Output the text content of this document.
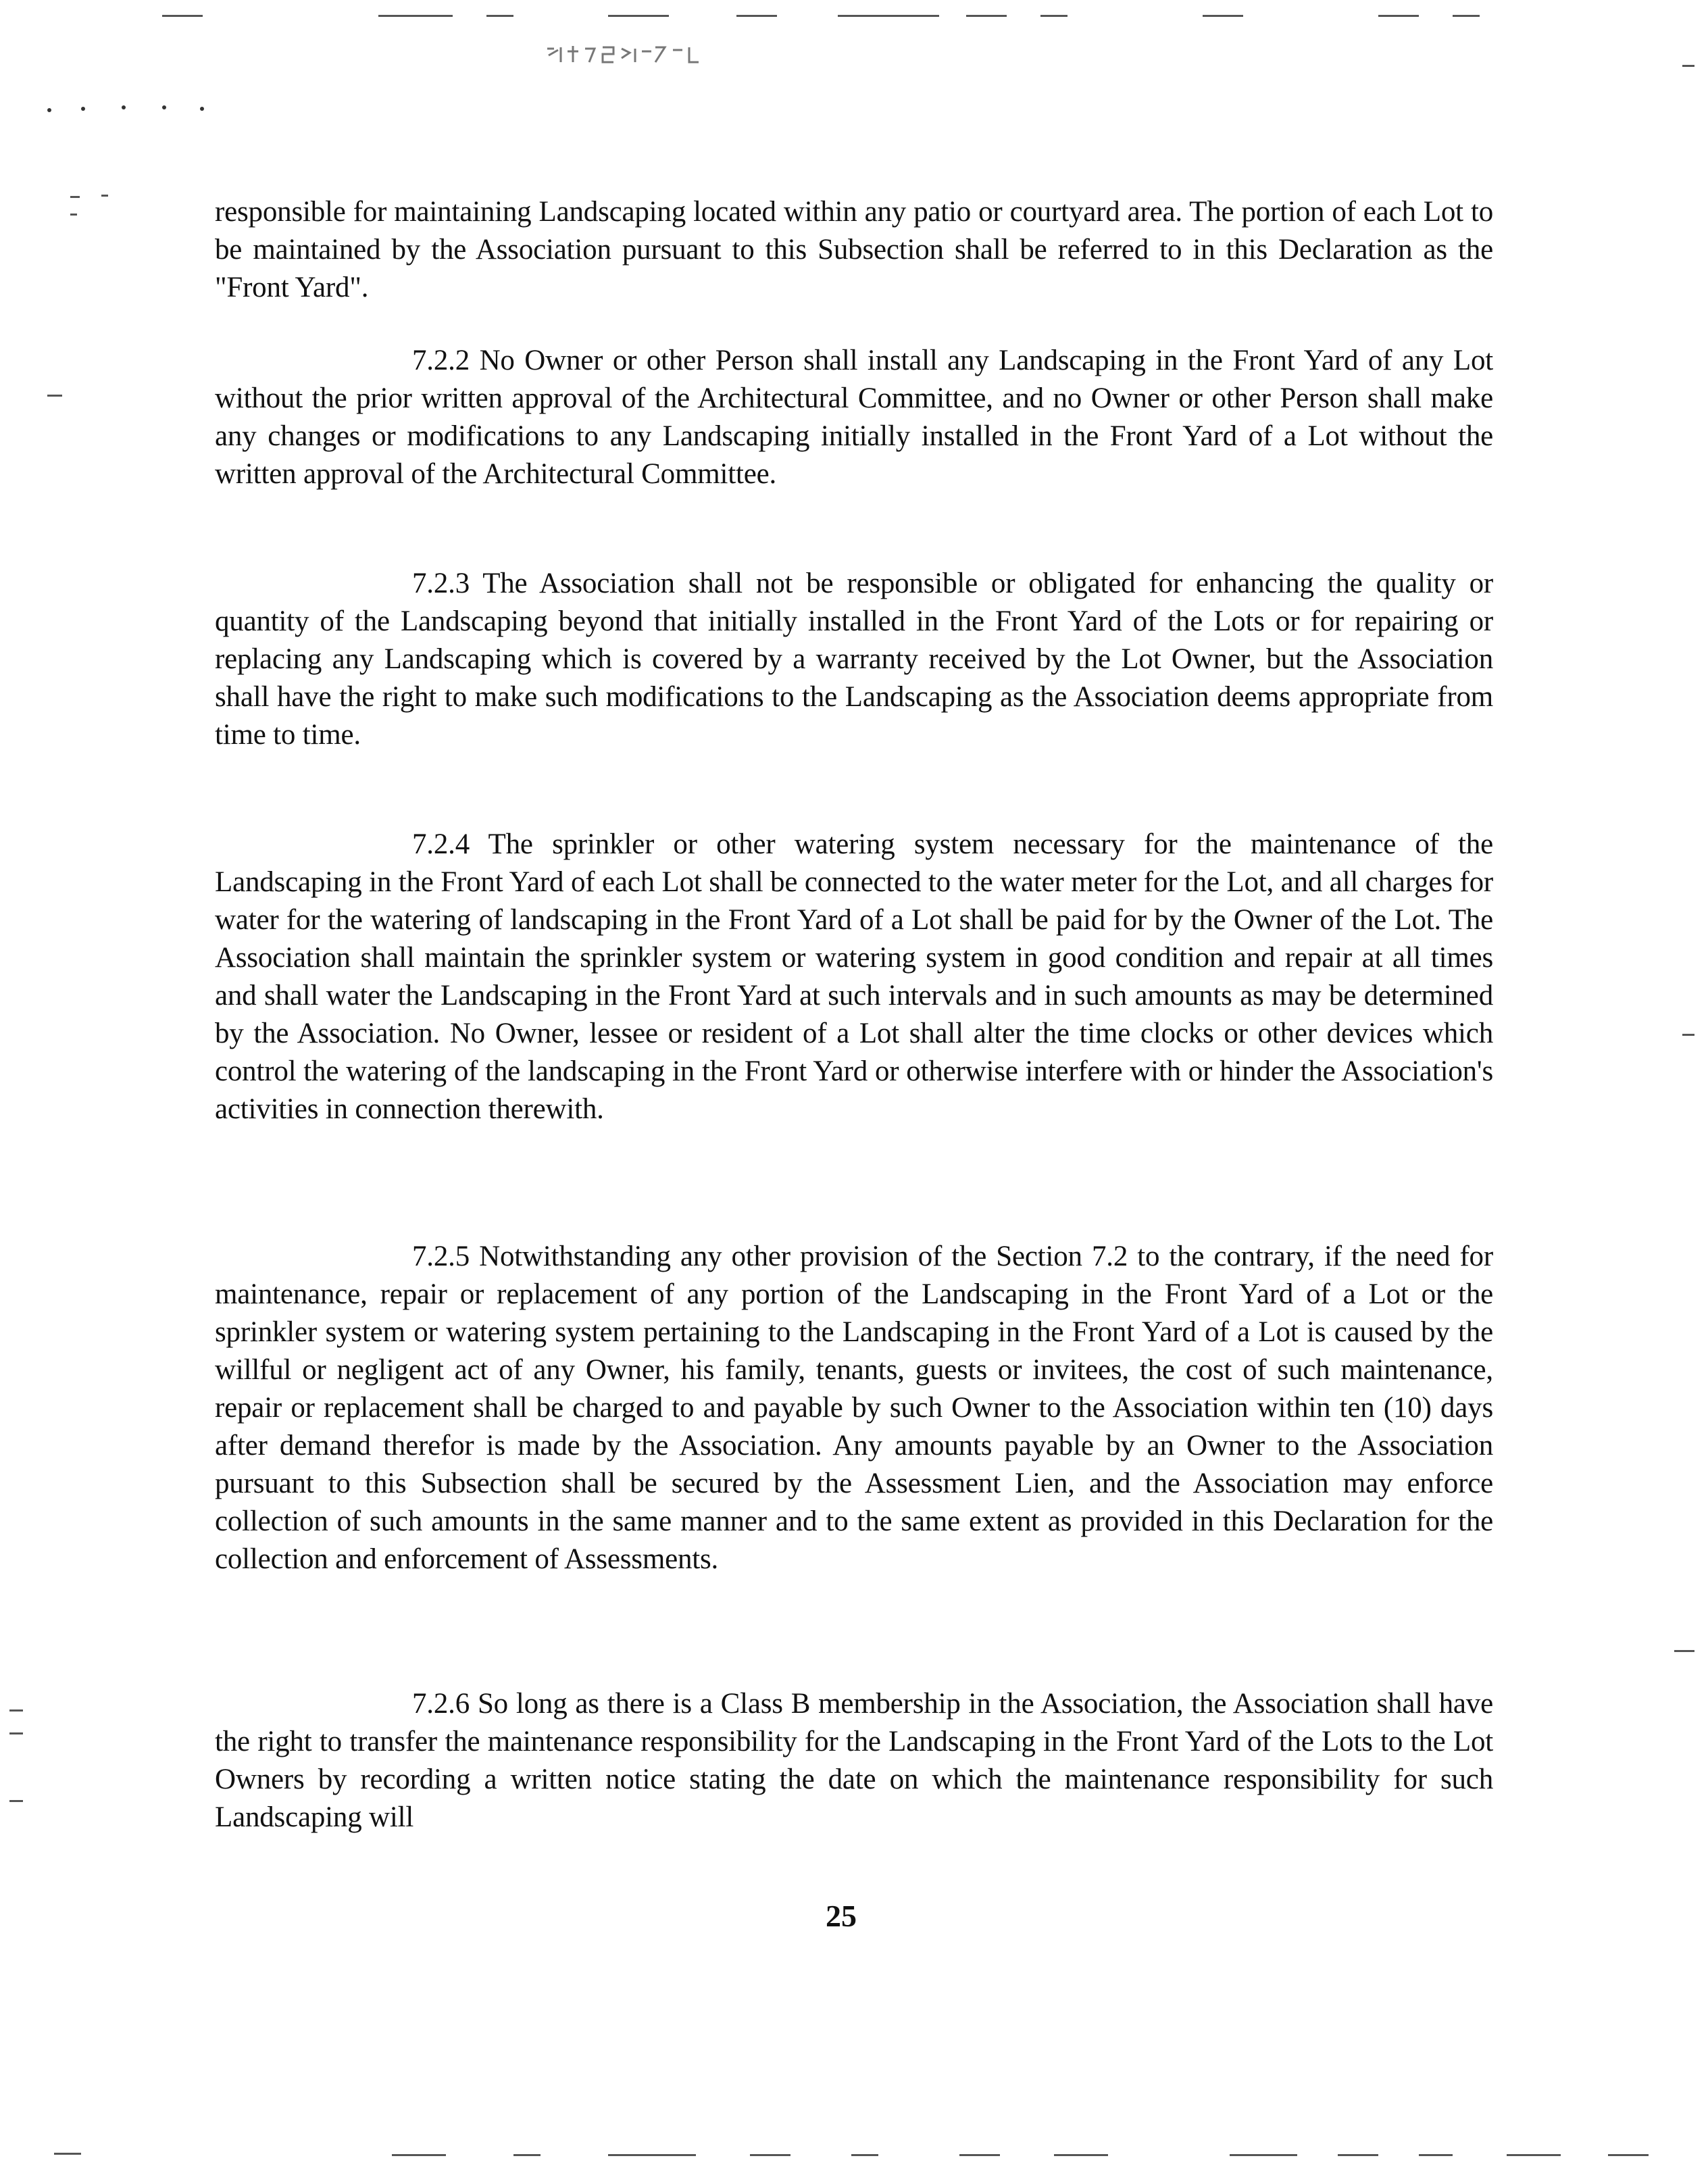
responsible for maintaining Landscaping located within any patio or courtyard area. The portion of each Lot to be maintained by the Association pursuant to this Subsection shall be referred to in this Declaration as the "Front Yard".
7.2.2 No Owner or other Person shall install any Landscaping in the Front Yard of any Lot without the prior written approval of the Architectural Committee, and no Owner or other Person shall make any changes or modifications to any Landscaping initially installed in the Front Yard of a Lot without the written approval of the Architectural Committee.
7.2.3 The Association shall not be responsible or obligated for enhancing the quality or quantity of the Landscaping beyond that initially installed in the Front Yard of the Lots or for repairing or replacing any Landscaping which is covered by a warranty received by the Lot Owner, but the Association shall have the right to make such modifications to the Landscaping as the Association deems appropriate from time to time.
7.2.4 The sprinkler or other watering system necessary for the maintenance of the Landscaping in the Front Yard of each Lot shall be connected to the water meter for the Lot, and all charges for water for the watering of landscaping in the Front Yard of a Lot shall be paid for by the Owner of the Lot. The Association shall maintain the sprinkler system or watering system in good condition and repair at all times and shall water the Landscaping in the Front Yard at such intervals and in such amounts as may be determined by the Association. No Owner, lessee or resident of a Lot shall alter the time clocks or other devices which control the watering of the landscaping in the Front Yard or otherwise interfere with or hinder the Association's activities in connection therewith.
7.2.5 Notwithstanding any other provision of the Section 7.2 to the contrary, if the need for maintenance, repair or replacement of any portion of the Landscaping in the Front Yard of a Lot or the sprinkler system or watering system pertaining to the Landscaping in the Front Yard of a Lot is caused by the willful or negligent act of any Owner, his family, tenants, guests or invitees, the cost of such maintenance, repair or replacement shall be charged to and payable by such Owner to the Association within ten (10) days after demand therefor is made by the Association. Any amounts payable by an Owner to the Association pursuant to this Subsection shall be secured by the Assessment Lien, and the Association may enforce collection of such amounts in the same manner and to the same extent as provided in this Declaration for the collection and enforcement of Assessments.
7.2.6 So long as there is a Class B membership in the Association, the Association shall have the right to transfer the maintenance responsibility for the Landscaping in the Front Yard of the Lots to the Lot Owners by recording a written notice stating the date on which the maintenance responsibility for such Landscaping will
25
